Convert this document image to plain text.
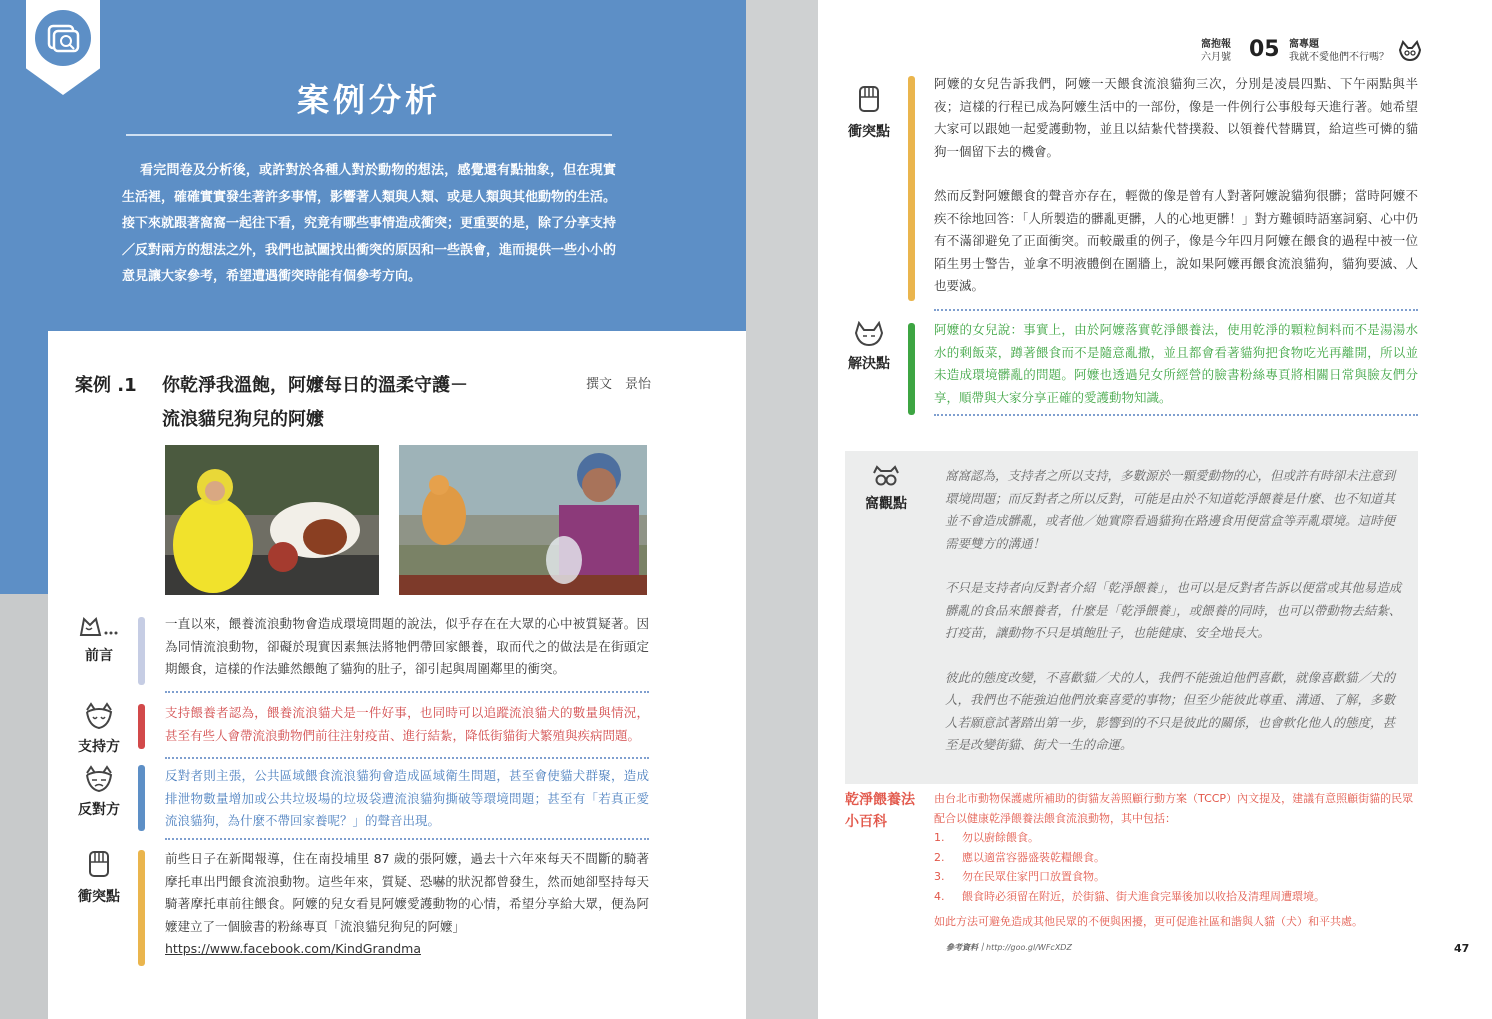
案例分析

看完問卷及分析後，或許對於各種人對於動物的想法，感覺還有點抽象，但在現實生活裡，確確實實發生著許多事情，影響著人類與人類、或是人類與其他動物的生活。接下來就跟著窩窩一起往下看，究竟有哪些事情造成衝突；更重要的是，除了分享支持／反對兩方的想法之外，我們也試圖找出衝突的原因和一些誤會，進而提供一些小小的意見讓大家參考，希望遭遇衝突時能有個參考方向。

案例 .1	你乾淨我溫飽，阿嬤每日的溫柔守護－
流浪貓兒狗兒的阿嬤
撰文　景怡
前言
一直以來，餵養流浪動物會造成環境問題的說法，似乎存在在大眾的心中被質疑著。因為同情流浪動物，卻礙於現實因素無法將牠們帶回家餵養，取而代之的做法是在街頭定期餵食，這樣的作法雖然餵飽了貓狗的肚子，卻引起與周圍鄰里的衝突。
支持方
支持餵養者認為，餵養流浪貓犬是一件好事，也同時可以追蹤流浪貓犬的數量與情況，甚至有些人會帶流浪動物們前往注射疫苗、進行結紮，降低街貓街犬繁殖與疾病問題。
反對方
反對者則主張，公共區域餵食流浪貓狗會造成區域衛生問題，甚至會使貓犬群聚，造成排泄物數量增加或公共垃圾場的垃圾袋遭流浪貓狗撕破等環境問題；甚至有「若真正愛流浪貓狗，為什麼不帶回家養呢？」的聲音出現。
衝突點
前些日子在新聞報導，住在南投埔里 87 歲的張阿嬤，過去十六年來每天不間斷的騎著摩托車出門餵食流浪動物。這些年來，質疑、恐嚇的狀況都曾發生，然而她卻堅持每天騎著摩托車前往餵食。阿嬤的兒女看見阿嬤愛護動物的心情，希望分享給大眾，便為阿嬤建立了一個臉書的粉絲專頁「流浪貓兒狗兒的阿嬤」
https://www.facebook.com/KindGrandma
窩抱報
六月號 05 窩專題
我就不愛他們不行嗎？
衝突點

阿嬤的女兒告訴我們，阿嬤一天餵食流浪貓狗三次，分別是凌晨四點、下午兩點與半夜；這樣的行程已成為阿嬤生活中的一部份，像是一件例行公事般每天進行著。她希望大家可以跟她一起愛護動物，並且以結紮代替撲殺、以領養代替購買，給這些可憐的貓狗一個留下去的機會。

然而反對阿嬤餵食的聲音亦存在，輕微的像是曾有人對著阿嬤說貓狗很髒；當時阿嬤不疾不徐地回答：「人所製造的髒亂更髒，人的心地更髒！」對方難頓時語塞詞窮、心中仍有不滿卻避免了正面衝突。而較嚴重的例子，像是今年四月阿嬤在餵食的過程中被一位陌生男士警告，並拿不明液體倒在圍牆上，說如果阿嬤再餵食流浪貓狗，貓狗要滅、人也要滅。

解決點
阿嬤的女兒說：事實上，由於阿嬤落實乾淨餵養法，使用乾淨的顆粒飼料而不是湯湯水水的剩飯菜，蹲著餵食而不是隨意亂撒，並且都會看著貓狗把食物吃光再離開，所以並未造成環境髒亂的問題。阿嬤也透過兒女所經營的臉書粉絲專頁將相關日常與臉友們分享，順帶與大家分享正確的愛護動物知識。
窩觀點

窩窩認為，支持者之所以支持，多數源於一顆愛動物的心，但或許有時卻未注意到環境問題；而反對者之所以反對，可能是由於不知道乾淨餵養是什麼、也不知道其並不會造成髒亂，或者他／她實際看過貓狗在路邊食用便當盒等弄亂環境。這時便需要雙方的溝通！

不只是支持者向反對者介紹「乾淨餵養」，也可以是反對者告訴以便當或其他易造成髒亂的食品來餵養者，什麼是「乾淨餵養」，或餵養的同時，也可以帶動物去結紮、打疫苗，讓動物不只是填飽肚子，也能健康、安全地長大。

彼此的態度改變，不喜歡貓／犬的人，我們不能強迫他們喜歡，就像喜歡貓／犬的人，我們也不能強迫他們放棄喜愛的事物；但至少能彼此尊重、溝通、了解，多數人若願意試著踏出第一步，影響到的不只是彼此的關係，也會軟化他人的態度，甚至是改變街貓、街犬一生的命運。

乾淨餵養法
小百科
由台北市動物保護處所補助的街貓友善照顧行動方案（TCCP）內文提及，建議有意照顧街貓的民眾配合以健康乾淨餵養法餵食流浪動物，其中包括：
1. 勿以廚餘餵食。
2. 應以適當容器盛裝乾糧餵食。
3. 勿在民眾住家門口放置食物。
4. 餵食時必須留在附近，於街貓、街犬進食完畢後加以收拾及清理周遭環境。
如此方法可避免造成其他民眾的不便與困擾，更可促進社區和諧與人貓（犬）和平共處。
參考資料｜http://goo.gl/WFcXDZ	47
